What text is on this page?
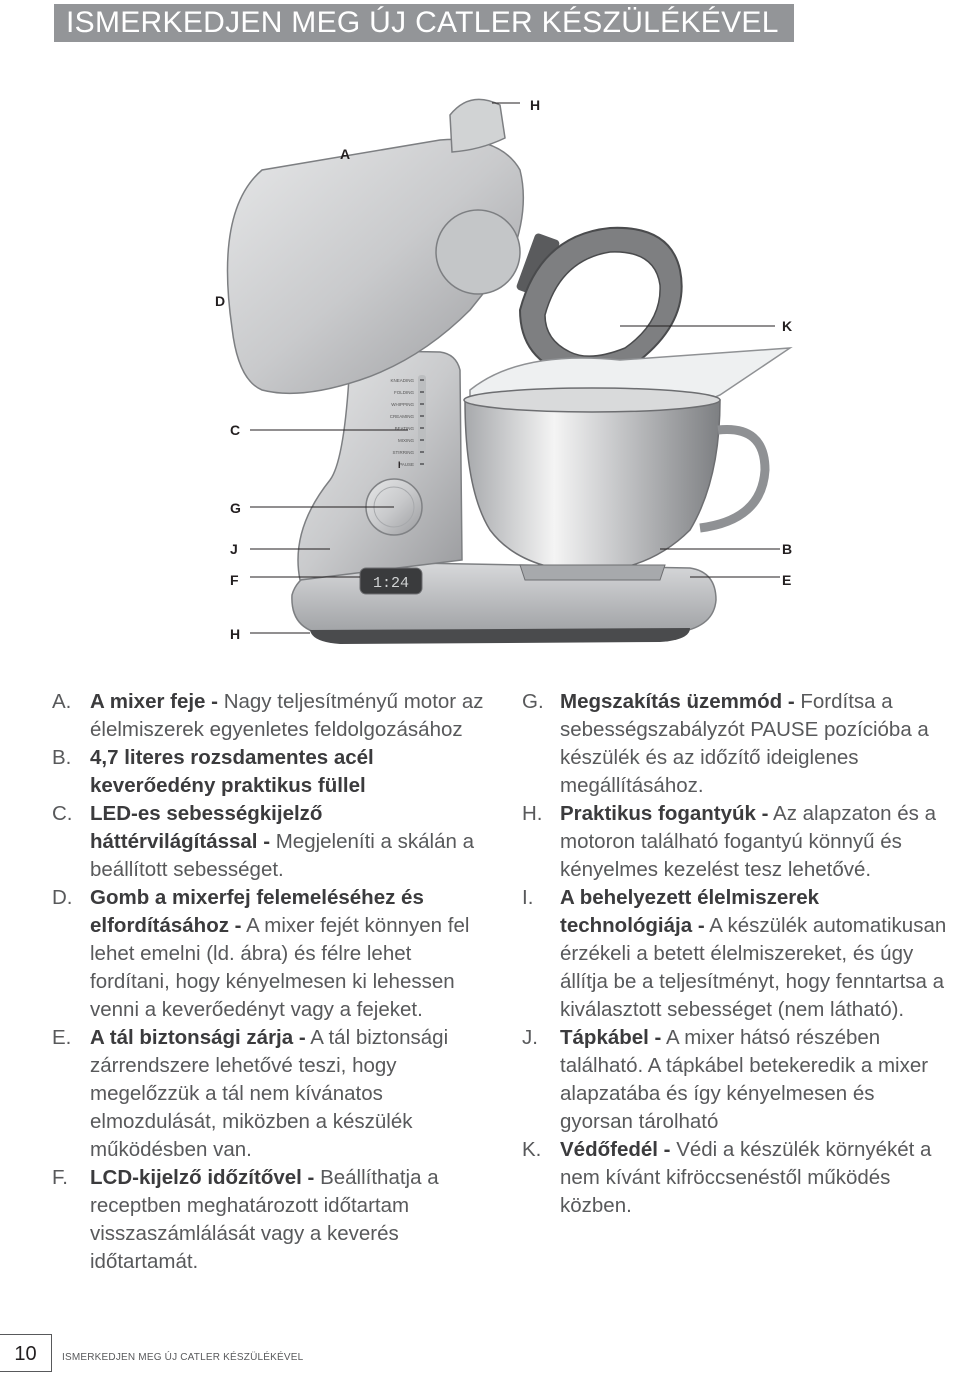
ISMERKEDJEN MEG ÚJ CATLER KÉSZÜLÉKÉVEL
KNEADING
FOLDING
WHIPPING
CREAMING
BEATING
MIXING
STIRRING
PAUSE
1:24
H
A
D
K
C
I
G
J	B
F	E
H

A. A mixer feje - Nagy teljesítményű motor az élelmiszerek egyenletes feldolgozásához

B. 4,7 literes rozsdamentes acél keverőedény praktikus füllel

C. LED-es sebességkijelző háttérvilágítással - Megjeleníti a skálán a beállított sebességet.

D. Gomb a mixerfej felemeléséhez és elfordításához - A mixer fejét könnyen fel lehet emelni (ld. ábra) és félre lehet fordítani, hogy kényelmesen ki lehessen venni a keverőedényt vagy a fejeket.

E. A tál biztonsági zárja - A tál biztonsági zárrendszere lehetővé teszi, hogy megelőzzük a tál nem kívánatos elmozdulását, miközben a készülék működésben van.

F. LCD-kijelző időzítővel - Beállíthatja a receptben meghatározott időtartam visszaszámlálását vagy a keverés időtartamát.

G. Megszakítás üzemmód - Fordítsa a sebességszabályzót PAUSE pozícióba a készülék és az időzítő ideiglenes megállításához.

H. Praktikus fogantyúk - Az alapzaton és a motoron található fogantyú könnyű és kényelmes kezelést tesz lehetővé.

I. A behelyezett élelmiszerek technológiája - A készülék automatikusan érzékeli a betett élelmiszereket, és úgy állítja be a teljesítményt, hogy fenntartsa a kiválasztott sebességet (nem látható).

J. Tápkábel - A mixer hátsó részében található. A tápkábel betekeredik a mixer alapzatába és így kényelmesen és gyorsan tárolható

K. Védőfedél - Védi a készülék környékét a nem kívánt kifröccsenéstől működés közben.

10	ISMERKEDJEN MEG ÚJ CATLER KÉSZÜLÉKÉVEL
